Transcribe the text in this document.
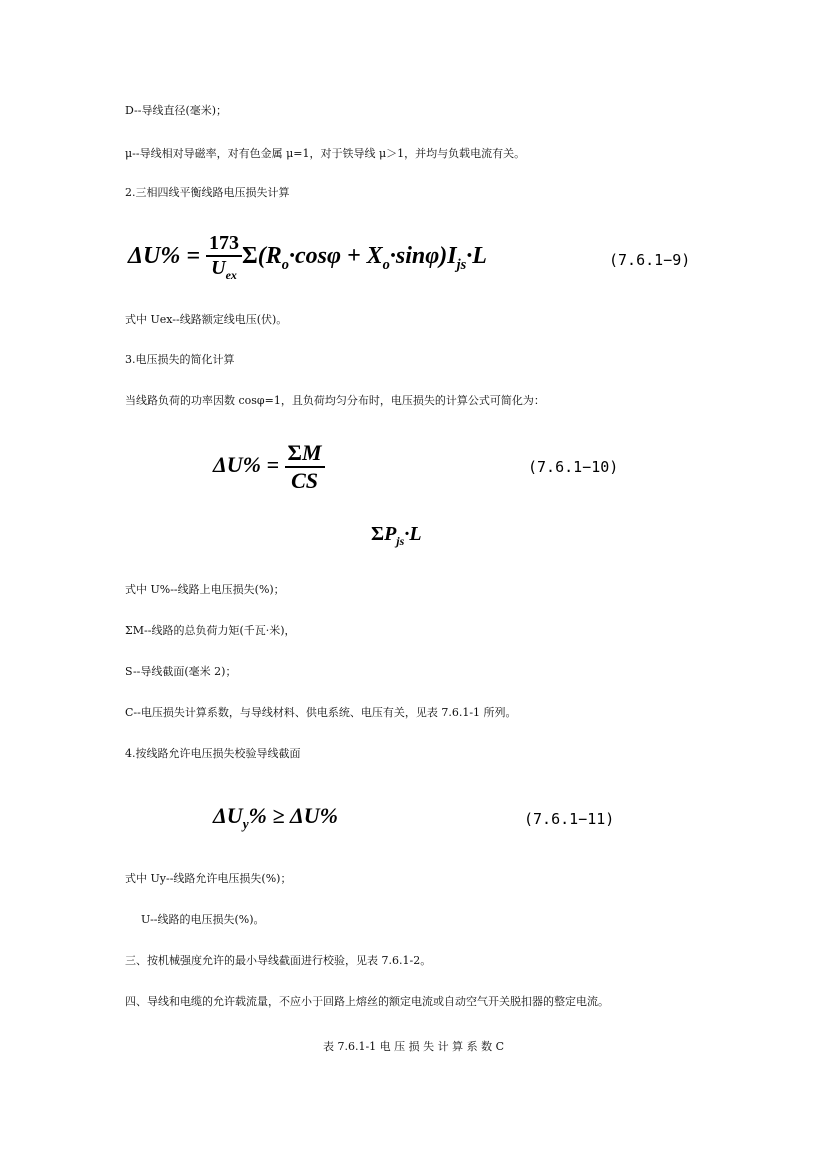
D--导线直径(毫米)；
μ--导线相对导磁率，对有色金属 μ=1，对于铁导线 μ＞1，并均与负载电流有关。
2.三相四线平衡线路电压损失计算
$\Delta U\% = \frac{173}{U_{ex}} \Sigma(R_o\cdot\cos\varphi + X_o\cdot\sin\varphi)I_{js}\cdot L$	(7.6.1−9)
式中 Uex--线路额定线电压(伏)。
3.电压损失的简化计算
当线路负荷的功率因数 cosφ=1，且负荷均匀分布时，电压损失的计算公式可简化为：
$\Delta U\% = \frac{\Sigma M}{CS}$	(7.6.1−10)
$\Sigma P_{js}\cdot L$
式中 U%--线路上电压损失(%)；
ΣM--线路的总负荷力矩(千瓦·米)，
S--导线截面(毫米 2)；
C--电压损失计算系数，与导线材料、供电系统、电压有关，见表 7.6.1-1 所列。
4.按线路允许电压损失校验导线截面
$\Delta U_y\% \ge \Delta U\%$	(7.6.1−11)
式中 Uy--线路允许电压损失(%)；
U--线路的电压损失(%)。
三、按机械强度允许的最小导线截面进行校验，见表 7.6.1-2。
四、导线和电缆的允许载流量，不应小于回路上熔丝的额定电流或自动空气开关脱扣器的整定电流。
表 7.6.1-1 电 压 损 失 计 算 系 数 C
